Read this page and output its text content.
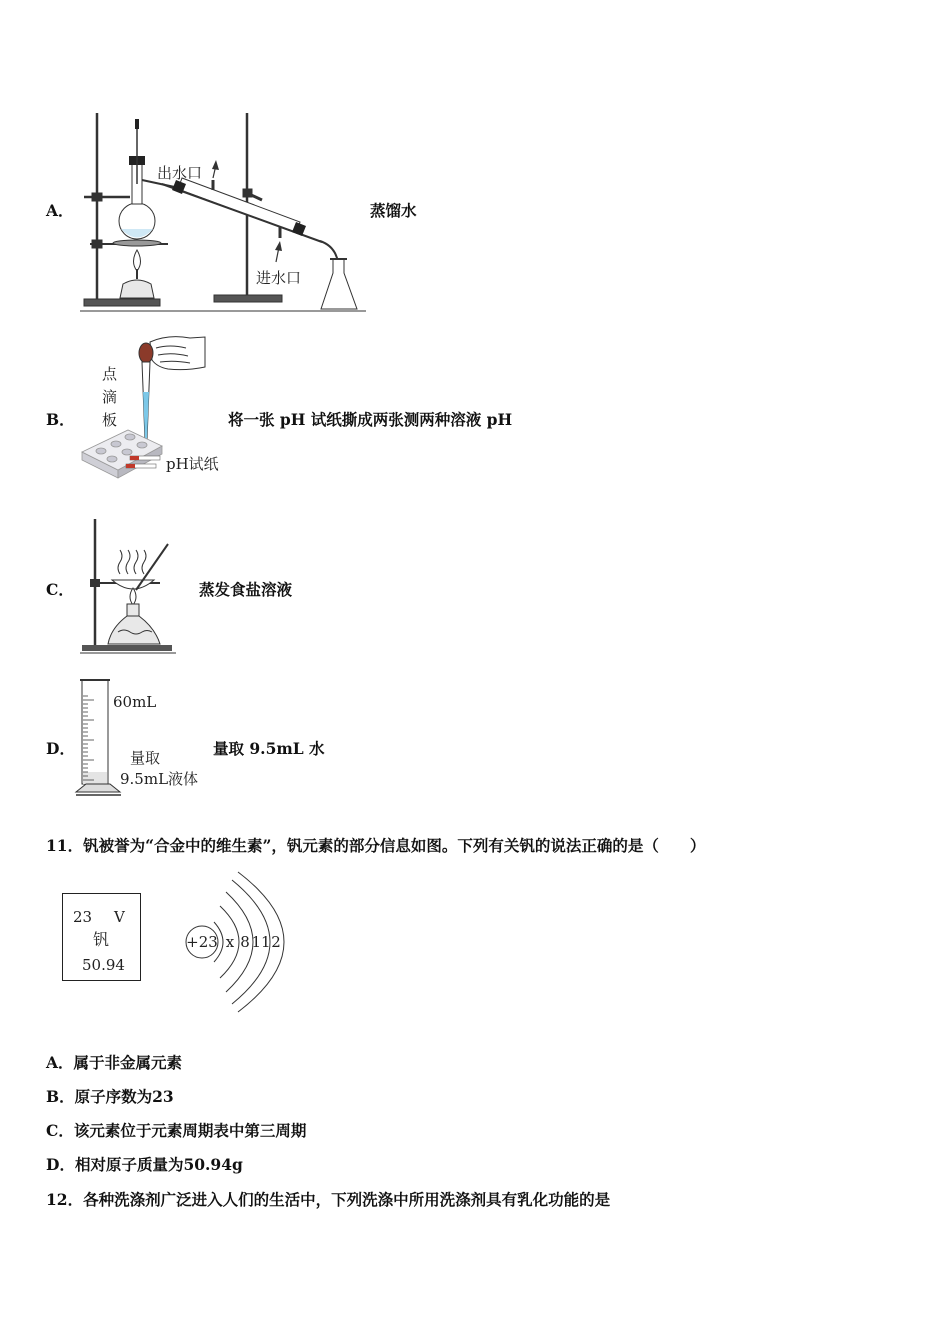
A．	蒸馏水
出水口
进水口
B．	将一张 pH 试纸撕成两张测两种溶液 pH
点
滴
板
pH试纸
C．	蒸发食盐溶液
D．	量取 9.5mL 水
60mL
量取
9.5mL液体
11．钒被誉为“合金中的维生素”，钒元素的部分信息如图。下列有关钒的说法正确的是（　　）
23 V
钒
50.94
+23 x 8 11 2
A．属于非金属元素
B．原子序数为23
C．该元素位于元素周期表中第三周期
D．相对原子质量为50.94g
12．各种洗涤剂广泛进入人们的生活中，下列洗涤中所用洗涤剂具有乳化功能的是
